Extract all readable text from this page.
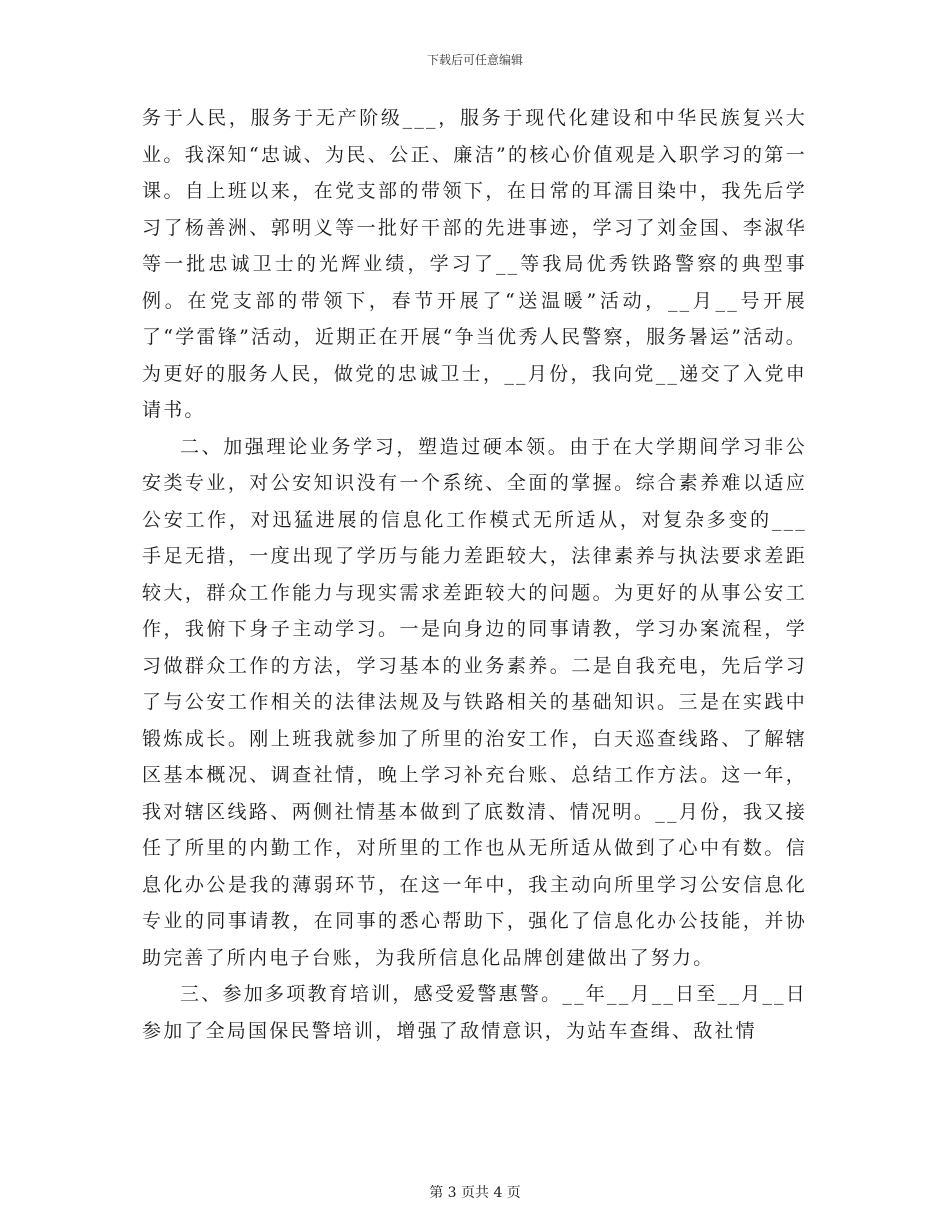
下载后可任意编辑

务于人民，服务于无产阶级___，服务于现代化建设和中华民族复兴大业。我深知“忠诚、为民、公正、廉洁”的核心价值观是入职学习的第一课。自上班以来，在党支部的带领下，在日常的耳濡目染中，我先后学习了杨善洲、郭明义等一批好干部的先进事迹，学习了刘金国、李淑华等一批忠诚卫士的光辉业绩，学习了__等我局优秀铁路警察的典型事例。在党支部的带领下，春节开展了“送温暖”活动，__月__号开展了“学雷锋”活动，近期正在开展“争当优秀人民警察，服务暑运”活动。为更好的服务人民，做党的忠诚卫士，__月份，我向党__递交了入党申请书。

二、加强理论业务学习，塑造过硬本领。由于在大学期间学习非公安类专业，对公安知识没有一个系统、全面的掌握。综合素养难以适应公安工作，对迅猛进展的信息化工作模式无所适从，对复杂多变的___手足无措，一度出现了学历与能力差距较大，法律素养与执法要求差距较大，群众工作能力与现实需求差距较大的问题。为更好的从事公安工作，我俯下身子主动学习。一是向身边的同事请教，学习办案流程，学习做群众工作的方法，学习基本的业务素养。二是自我充电，先后学习了与公安工作相关的法律法规及与铁路相关的基础知识。三是在实践中锻炼成长。刚上班我就参加了所里的治安工作，白天巡查线路、了解辖区基本概况、调查社情，晚上学习补充台账、总结工作方法。这一年，我对辖区线路、两侧社情基本做到了底数清、情况明。__月份，我又接任了所里的内勤工作，对所里的工作也从无所适从做到了心中有数。信息化办公是我的薄弱环节，在这一年中，我主动向所里学习公安信息化专业的同事请教，在同事的悉心帮助下，强化了信息化办公技能，并协助完善了所内电子台账，为我所信息化品牌创建做出了努力。

三、参加多项教育培训，感受爱警惠警。__年__月__日至__月__日参加了全局国保民警培训，增强了敌情意识，为站车查缉、敌社情

第 3 页共 4 页
